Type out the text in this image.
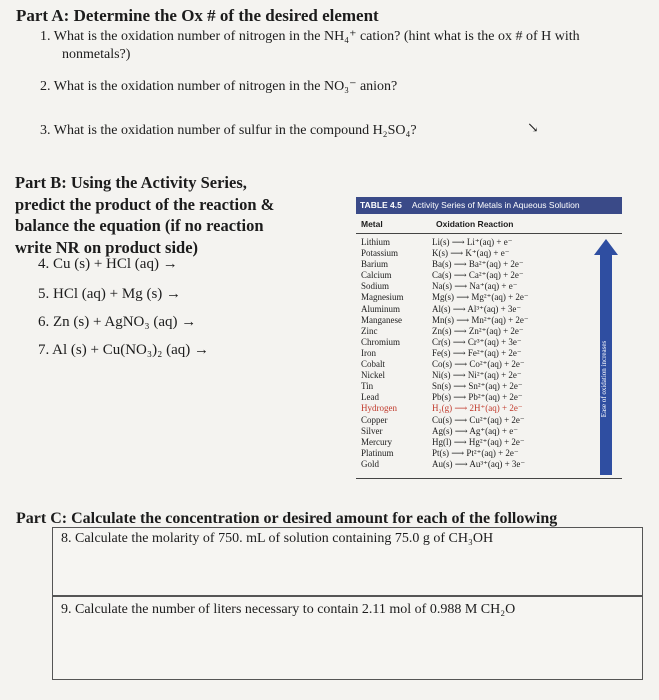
Part A: Determine the Ox # of the desired element
1. What is the oxidation number of nitrogen in the NH₄⁺ cation? (hint what is the ox # of H with
nonmetals?)
2. What is the oxidation number of nitrogen in the NO₃⁻ anion?
3. What is the oxidation number of sulfur in the compound H₂SO₄?	↘
Part B: Using the Activity Series,
predict the product of the reaction &
balance the equation (if no reaction
write NR on product side)
4. Cu (s) + HCl (aq) →
5. HCl (aq) + Mg (s) →
6. Zn (s) + AgNO₃ (aq) →
7. Al (s) + Cu(NO₃)₂ (aq) →
TABLE 4.5 Activity Series of Metals in Aqueous Solution
Metal	Oxidation Reaction
Lithium
Potassium
Barium
Calcium
Sodium
Magnesium
Aluminum
Manganese
Zinc
Chromium
Iron
Cobalt
Nickel
Tin
Lead
Hydrogen
Copper
Silver
Mercury
Platinum
Gold
Li(s) ⟶ Li⁺(aq) + e⁻
K(s) ⟶ K⁺(aq) + e⁻
Ba(s) ⟶ Ba²⁺(aq) + 2e⁻
Ca(s) ⟶ Ca²⁺(aq) + 2e⁻
Na(s) ⟶ Na⁺(aq) + e⁻
Mg(s) ⟶ Mg²⁺(aq) + 2e⁻
Al(s) ⟶ Al³⁺(aq) + 3e⁻
Mn(s) ⟶ Mn²⁺(aq) + 2e⁻
Zn(s) ⟶ Zn²⁺(aq) + 2e⁻
Cr(s) ⟶ Cr³⁺(aq) + 3e⁻
Fe(s) ⟶ Fe²⁺(aq) + 2e⁻
Co(s) ⟶ Co²⁺(aq) + 2e⁻
Ni(s) ⟶ Ni²⁺(aq) + 2e⁻
Sn(s) ⟶ Sn²⁺(aq) + 2e⁻
Pb(s) ⟶ Pb²⁺(aq) + 2e⁻
H₂(g) ⟶ 2H⁺(aq) + 2e⁻
Cu(s) ⟶ Cu²⁺(aq) + 2e⁻
Ag(s) ⟶ Ag⁺(aq) + e⁻
Hg(l) ⟶ Hg²⁺(aq) + 2e⁻
Pt(s) ⟶ Pt²⁺(aq) + 2e⁻
Au(s) ⟶ Au³⁺(aq) + 3e⁻
Ease of oxidation increases
Part C: Calculate the concentration or desired amount for each of the following
8. Calculate the molarity of 750. mL of solution containing 75.0 g of CH₃OH
9. Calculate the number of liters necessary to contain 2.11 mol of 0.988 M CH₂O
